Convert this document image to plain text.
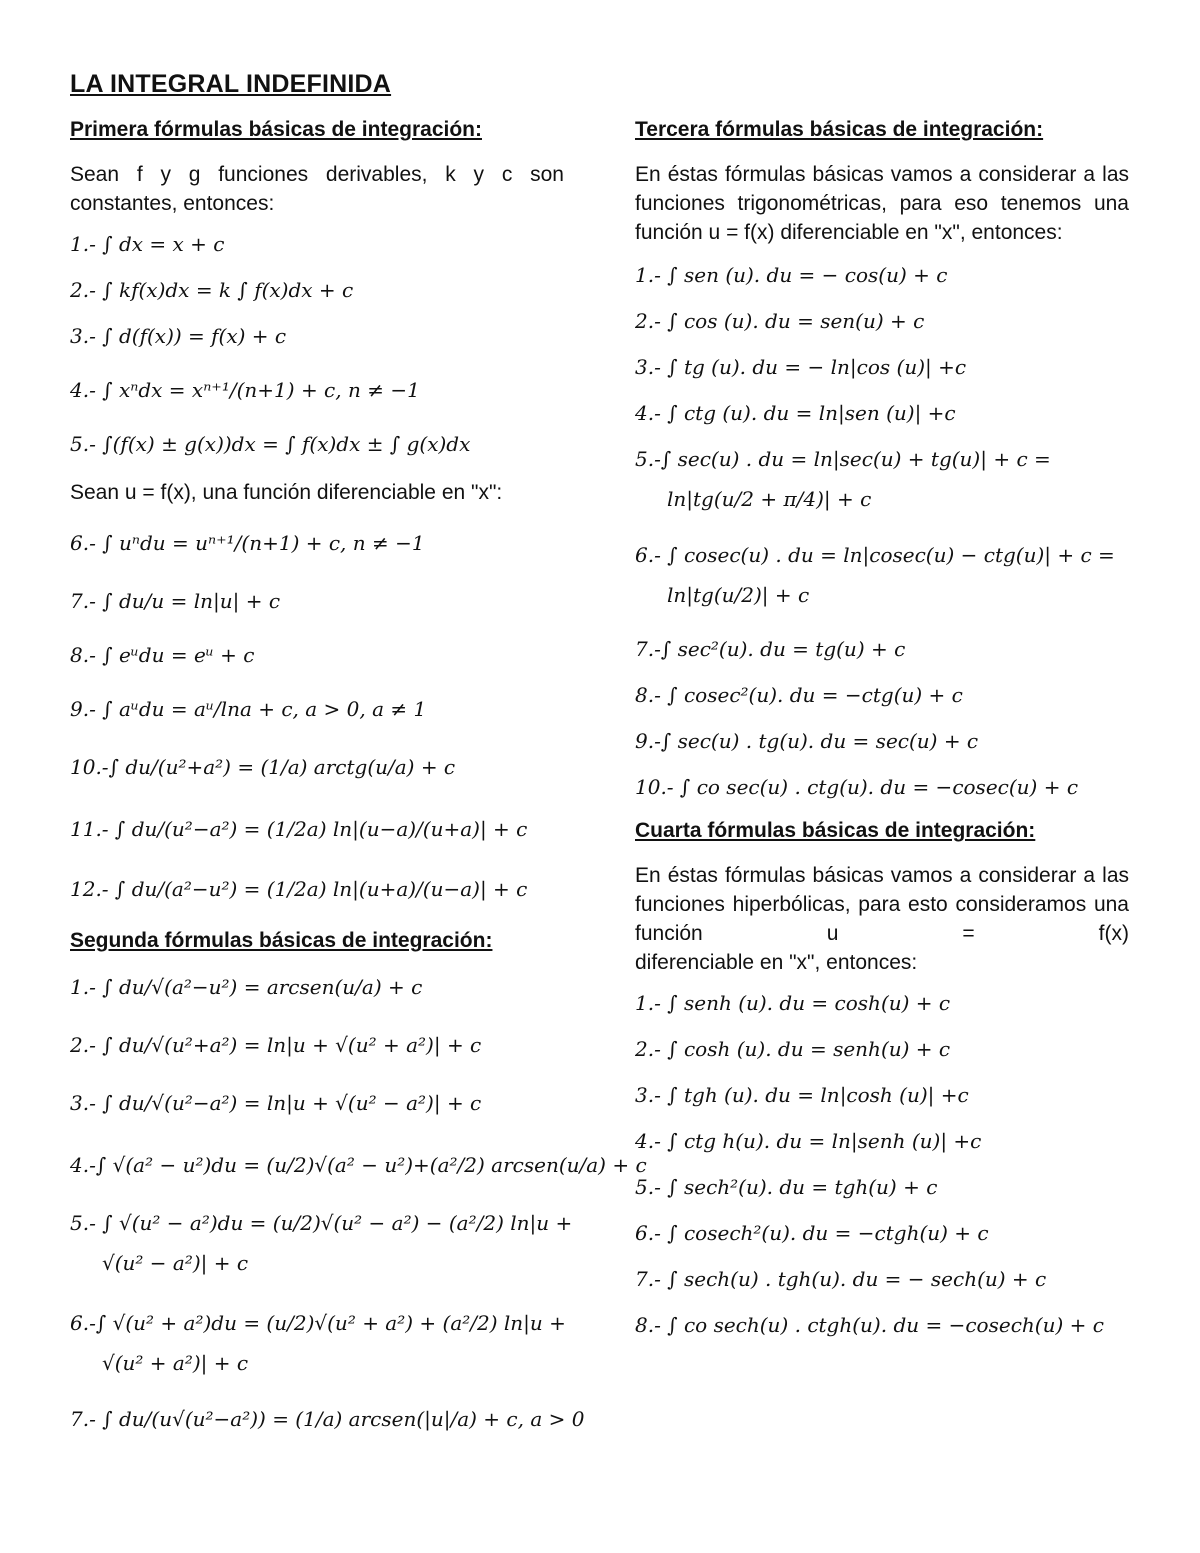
LA INTEGRAL INDEFINIDA
Primera fórmulas básicas de integración:
Sean f y g funciones derivables, k y c son constantes, entonces:
1.- ∫ dx = x + c
2.- ∫ kf(x)dx = k ∫ f(x)dx + c
3.- ∫ d(f(x)) = f(x) + c
4.- ∫ xⁿdx = xⁿ⁺¹/(n+1) + c, n ≠ −1
5.- ∫(f(x) ± g(x))dx = ∫ f(x)dx ± ∫ g(x)dx
Sean u = f(x), una función diferenciable en "x":
6.- ∫ uⁿdu = uⁿ⁺¹/(n+1) + c, n ≠ −1
7.- ∫ du/u = ln|u| + c
8.- ∫ eᵘdu = eᵘ + c
9.- ∫ aᵘdu = aᵘ/lna + c, a > 0, a ≠ 1
10.-∫ du/(u²+a²) = (1/a) arctg(u/a) + c
11.- ∫ du/(u²−a²) = (1/2a) ln|(u−a)/(u+a)| + c
12.- ∫ du/(a²−u²) = (1/2a) ln|(u+a)/(u−a)| + c
Segunda fórmulas básicas de integración:
1.- ∫ du/√(a²−u²) = arcsen(u/a) + c
2.- ∫ du/√(u²+a²) = ln|u + √(u² + a²)| + c
3.- ∫ du/√(u²−a²) = ln|u + √(u² − a²)| + c
4.-∫ √(a² − u²)du = (u/2)√(a² − u²)+(a²/2) arcsen(u/a) + c
5.- ∫ √(u² − a²)du = (u/2)√(u² − a²) − (a²/2) ln|u +
√(u² − a²)| + c
6.-∫ √(u² + a²)du = (u/2)√(u² + a²) + (a²/2) ln|u +
√(u² + a²)| + c
7.- ∫ du/(u√(u²−a²)) = (1/a) arcsen(|u|/a) + c, a > 0
Tercera fórmulas básicas de integración:
En éstas fórmulas básicas vamos a considerar a las funciones trigonométricas, para eso tenemos una función u = f(x) diferenciable en "x", entonces:
1.- ∫ sen (u). du = − cos(u) + c
2.- ∫ cos (u). du = sen(u) + c
3.- ∫ tg (u). du = − ln|cos (u)| +c
4.- ∫ ctg (u). du = ln|sen (u)| +c
5.-∫ sec(u) . du = ln|sec(u) + tg(u)| + c =
ln|tg(u/2 + π/4)| + c
6.- ∫ cosec(u) . du = ln|cosec(u) − ctg(u)| + c =
ln|tg(u/2)| + c
7.-∫ sec²(u). du = tg(u) + c
8.- ∫ cosec²(u). du = −ctg(u) + c
9.-∫ sec(u) . tg(u). du = sec(u) + c
10.- ∫ co sec(u) . ctg(u). du = −cosec(u) + c
Cuarta fórmulas básicas de integración:
En éstas fórmulas básicas vamos a considerar a las funciones hiperbólicas, para esto consideramos una función u = f(x)
diferenciable en "x", entonces:
1.- ∫ senh (u). du = cosh(u) + c
2.- ∫ cosh (u). du = senh(u) + c
3.- ∫ tgh (u). du = ln|cosh (u)| +c
4.- ∫ ctg h(u). du = ln|senh (u)| +c
5.- ∫ sech²(u). du = tgh(u) + c
6.- ∫ cosech²(u). du = −ctgh(u) + c
7.- ∫ sech(u) . tgh(u). du = − sech(u) + c
8.- ∫ co sech(u) . ctgh(u). du = −cosech(u) + c
